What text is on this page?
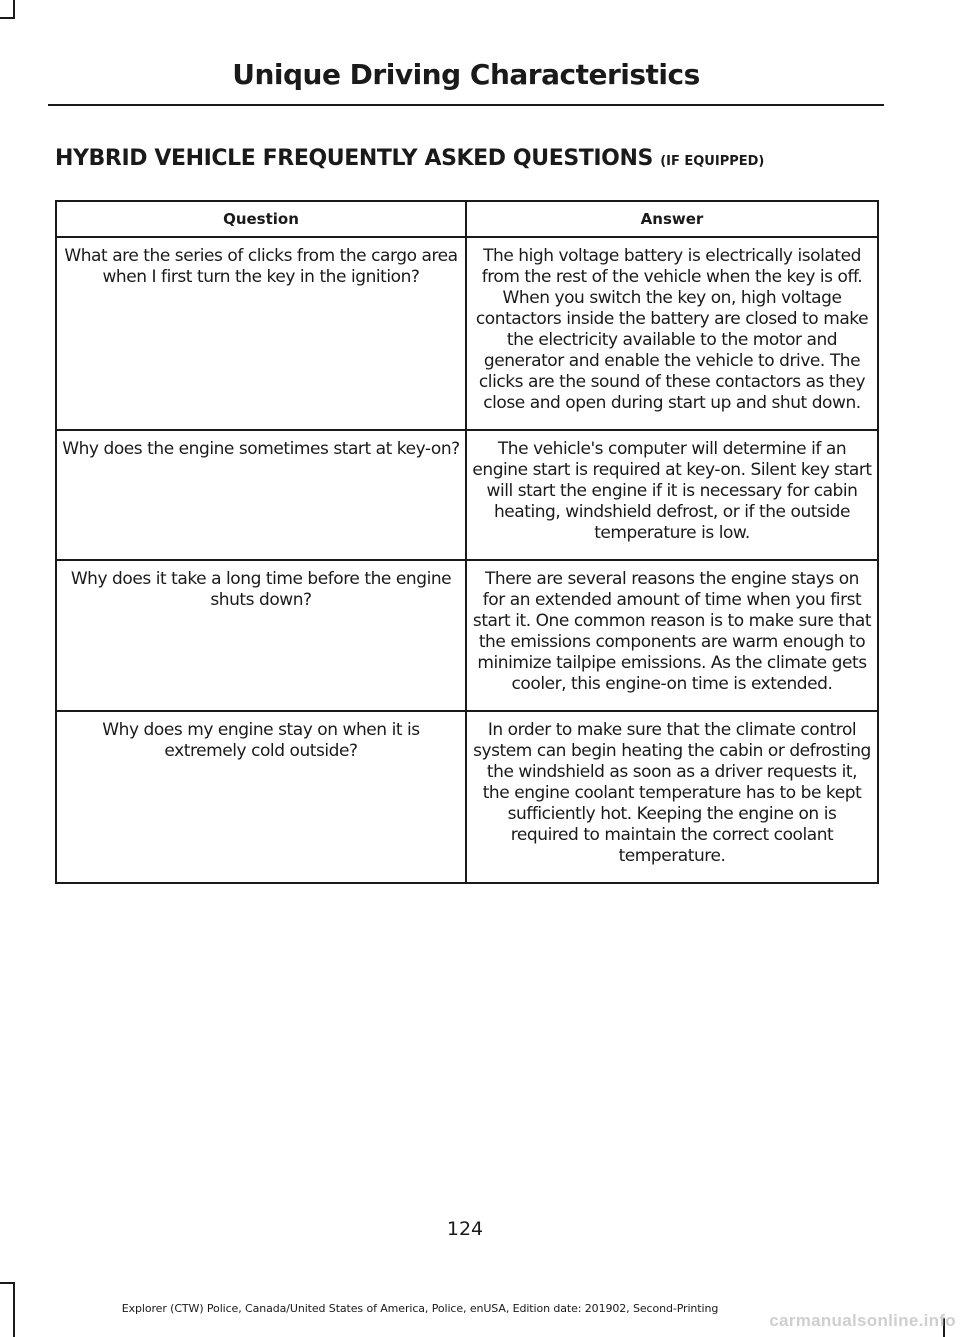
Unique Driving Characteristics
HYBRID VEHICLE FREQUENTLY ASKED QUESTIONS (IF EQUIPPED)
Question	Answer
What are the series of clicks from the cargo area when I first turn the key in the ignition?	The high voltage battery is electrically isolated from the rest of the vehicle when the key is off. When you switch the key on, high voltage contactors inside the battery are closed to make the electricity available to the motor and generator and enable the vehicle to drive. The clicks are the sound of these contactors as they close and open during start up and shut down.
Why does the engine sometimes start at key-on?	The vehicle's computer will determine if an engine start is required at key-on. Silent key start will start the engine if it is necessary for cabin heating, windshield defrost, or if the outside temperature is low.
Why does it take a long time before the engine shuts down?	There are several reasons the engine stays on for an extended amount of time when you first start it. One common reason is to make sure that the emissions components are warm enough to minimize tailpipe emissions. As the climate gets cooler, this engine-on time is extended.
Why does my engine stay on when it is extremely cold outside?	In order to make sure that the climate control system can begin heating the cabin or defrosting the windshield as soon as a driver requests it, the engine coolant temperature has to be kept sufficiently hot. Keeping the engine on is required to maintain the correct coolant temperature.
124
Explorer (CTW) Police, Canada/United States of America, Police, enUSA, Edition date: 201902, Second-Printing
carmanualsonline.info
